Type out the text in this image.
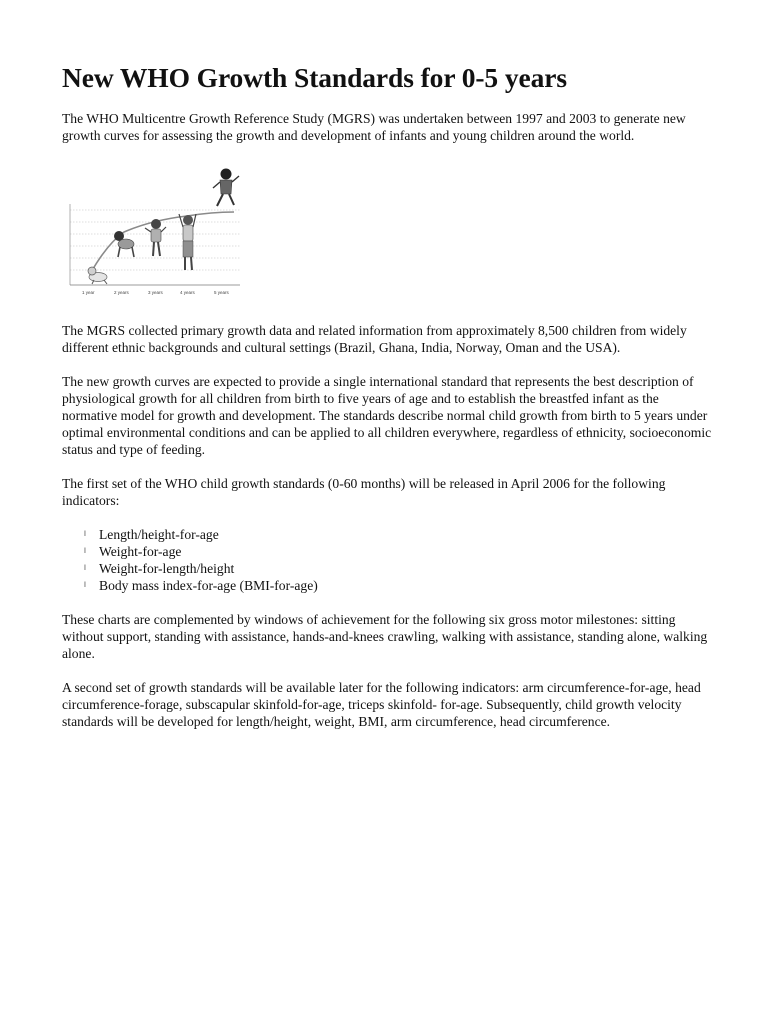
New WHO Growth Standards for 0-5 years

The WHO Multicentre Growth Reference Study (MGRS) was undertaken between 1997 and 2003 to generate new growth curves for assessing the growth and development of infants and young children around the world.

1 year	2 years	3 years	4 years	5 years

The MGRS collected primary growth data and related information from approximately 8,500 children from widely different ethnic backgrounds and cultural settings (Brazil, Ghana, India, Norway, Oman and the USA).

The new growth curves are expected to provide a single international standard that represents the best description of physiological growth for all children from birth to five years of age and to establish the breastfed infant as the normative model for growth and development. The standards describe normal child growth from birth to 5 years under optimal environmental conditions and can be applied to all children everywhere, regardless of ethnicity, socioeconomic status and type of feeding.

The first set of the WHO child growth standards (0-60 months) will be released in April 2006 for the following indicators:

l Length/height-for-age
l Weight-for-age
l Weight-for-length/height
l Body mass index-for-age (BMI-for-age)

These charts are complemented by windows of achievement for the following six gross motor milestones: sitting without support, standing with assistance, hands-and-knees crawling, walking with assistance, standing alone, walking alone.

A second set of growth standards will be available later for the following indicators: arm circumference-for-age, head circumference-forage, subscapular skinfold-for-age, triceps skinfold- for-age. Subsequently, child growth velocity standards will be developed for length/height, weight, BMI, arm circumference, head circumference.
